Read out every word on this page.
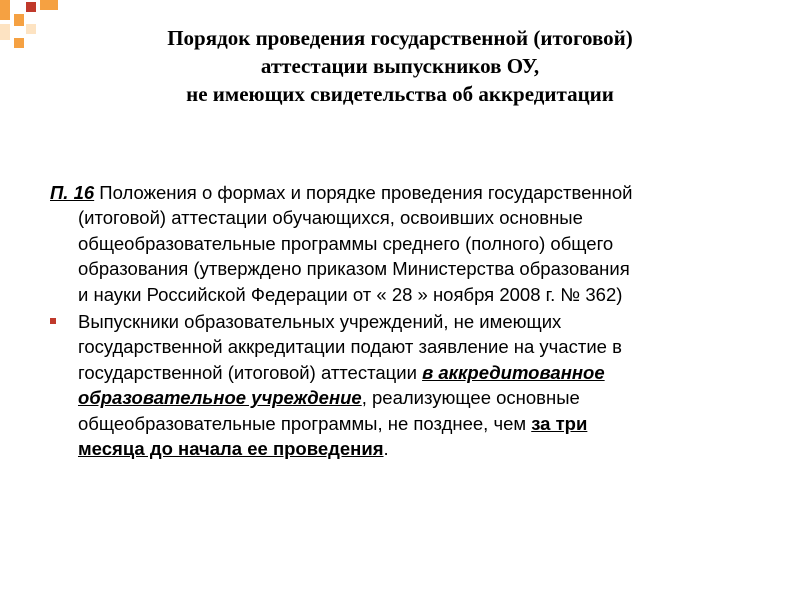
Порядок проведения государственной (итоговой)
аттестации выпускников ОУ,
не имеющих свидетельства об аккредитации
П. 16 Положения о формах и порядке проведения государственной
(итоговой) аттестации обучающихся, освоивших основные
общеобразовательные программы среднего (полного) общего
образования (утверждено приказом Министерства образования
и науки Российской Федерации от « 28 » ноября 2008 г. № 362)
Выпускники образовательных учреждений, не имеющих
государственной аккредитации подают заявление на участие в
государственной (итоговой) аттестации в аккредитованное
образовательное учреждение, реализующее основные
общеобразовательные программы, не позднее, чем за три
месяца до начала ее проведения.
